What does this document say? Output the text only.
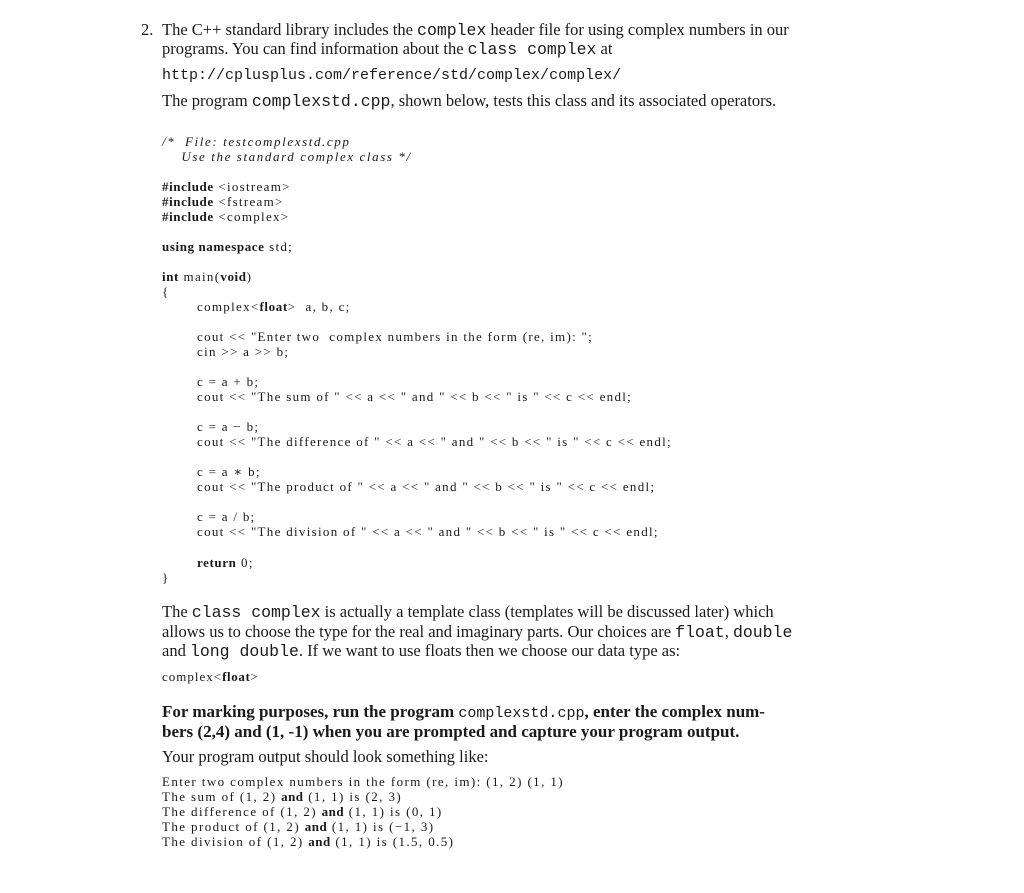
2. The C++ standard library includes the complex header file for using complex numbers in our
programs. You can find information about the class complex at
http://cplusplus.com/reference/std/complex/complex/
The program complexstd.cpp, shown below, tests this class and its associated operators.
/*  File: testcomplexstd.cpp
Use the standard complex class */
#include <iostream>
#include <fstream>
#include <complex>
using namespace std;
int main(void)
{
complex<float>  a, b, c;
cout << "Enter two  complex numbers in the form (re, im): ";
cin >> a >> b;
c = a + b;
cout << "The sum of " << a << " and " << b << " is " << c << endl;
c = a − b;
cout << "The difference of " << a << " and " << b << " is " << c << endl;
c = a ∗ b;
cout << "The product of " << a << " and " << b << " is " << c << endl;
c = a / b;
cout << "The division of " << a << " and " << b << " is " << c << endl;
return 0;
}
The class complex is actually a template class (templates will be discussed later) which
allows us to choose the type for the real and imaginary parts. Our choices are float, double
and long double. If we want to use floats then we choose our data type as:
complex<float>
For marking purposes, run the program complexstd.cpp, enter the complex num-
bers (2,4) and (1, -1) when you are prompted and capture your program output.
Your program output should look something like:
Enter two complex numbers in the form (re, im): (1, 2) (1, 1)
The sum of (1, 2) and (1, 1) is (2, 3)
The difference of (1, 2) and (1, 1) is (0, 1)
The product of (1, 2) and (1, 1) is (−1, 3)
The division of (1, 2) and (1, 1) is (1.5, 0.5)
